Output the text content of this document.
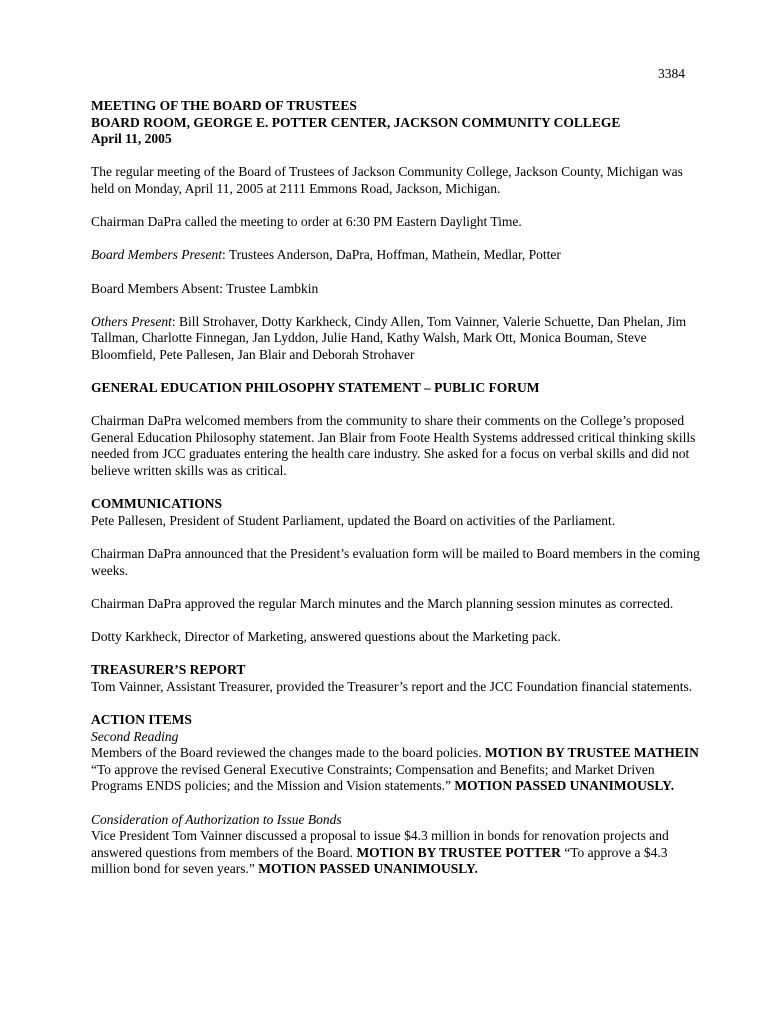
3384

MEETING OF THE BOARD OF TRUSTEES
BOARD ROOM, GEORGE E. POTTER CENTER, JACKSON COMMUNITY COLLEGE
April 11, 2005

The regular meeting of the Board of Trustees of Jackson Community College, Jackson County, Michigan was held on Monday, April 11, 2005 at 2111 Emmons Road, Jackson, Michigan.

Chairman DaPra called the meeting to order at 6:30 PM Eastern Daylight Time.

Board Members Present: Trustees Anderson, DaPra, Hoffman, Mathein, Medlar, Potter

Board Members Absent: Trustee Lambkin

Others Present: Bill Strohaver, Dotty Karkheck, Cindy Allen, Tom Vainner, Valerie Schuette, Dan Phelan, Jim Tallman, Charlotte Finnegan, Jan Lyddon, Julie Hand, Kathy Walsh, Mark Ott, Monica Bouman, Steve Bloomfield, Pete Pallesen, Jan Blair and Deborah Strohaver

GENERAL EDUCATION PHILOSOPHY STATEMENT – PUBLIC FORUM

Chairman DaPra welcomed members from the community to share their comments on the College’s proposed General Education Philosophy statement. Jan Blair from Foote Health Systems addressed critical thinking skills needed from JCC graduates entering the health care industry. She asked for a focus on verbal skills and did not believe written skills was as critical.

COMMUNICATIONS
Pete Pallesen, President of Student Parliament, updated the Board on activities of the Parliament.

Chairman DaPra announced that the President’s evaluation form will be mailed to Board members in the coming weeks.

Chairman DaPra approved the regular March minutes and the March planning session minutes as corrected.

Dotty Karkheck, Director of Marketing, answered questions about the Marketing pack.

TREASURER’S REPORT
Tom Vainner, Assistant Treasurer, provided the Treasurer’s report and the JCC Foundation financial statements.

ACTION ITEMS
Second Reading
Members of the Board reviewed the changes made to the board policies. MOTION BY TRUSTEE MATHEIN “To approve the revised General Executive Constraints; Compensation and Benefits; and Market Driven Programs ENDS policies; and the Mission and Vision statements.” MOTION PASSED UNANIMOUSLY.

Consideration of Authorization to Issue Bonds
Vice President Tom Vainner discussed a proposal to issue $4.3 million in bonds for renovation projects and answered questions from members of the Board. MOTION BY TRUSTEE POTTER “To approve a $4.3 million bond for seven years.” MOTION PASSED UNANIMOUSLY.
